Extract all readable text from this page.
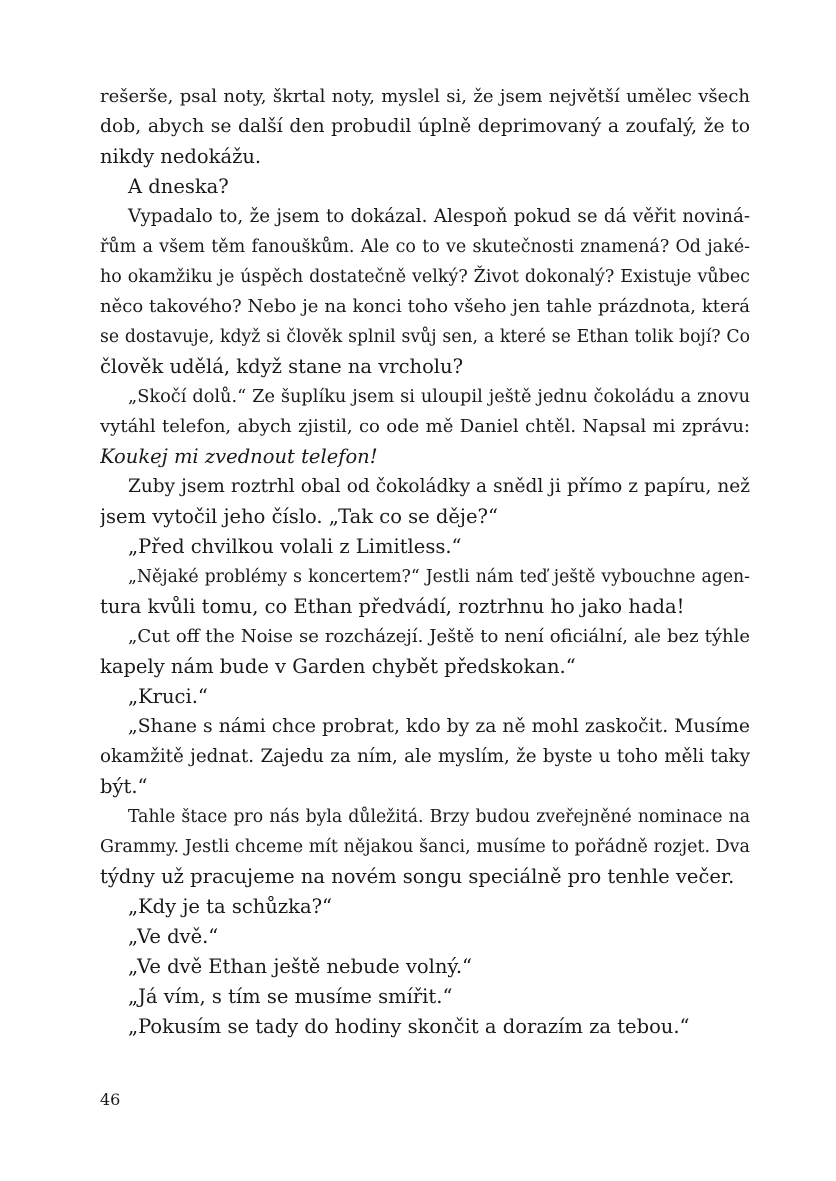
rešerše, psal noty, škrtal noty, myslel si, že jsem největší umělec všech
dob, abych se další den probudil úplně deprimovaný a zoufalý, že to
nikdy nedokážu.
A dneska?
Vypadalo to, že jsem to dokázal. Alespoň pokud se dá věřit noviná-
řům a všem těm fanouškům. Ale co to ve skutečnosti znamená? Od jaké-
ho okamžiku je úspěch dostatečně velký? Život dokonalý? Existuje vůbec
něco takového? Nebo je na konci toho všeho jen tahle prázdnota, která
se dostavuje, když si člověk splnil svůj sen, a které se Ethan tolik bojí? Co
člověk udělá, když stane na vrcholu?
„Skočí dolů.“ Ze šuplíku jsem si uloupil ještě jednu čokoládu a znovu
vytáhl telefon, abych zjistil, co ode mě Daniel chtěl. Napsal mi zprávu:
Koukej mi zvednout telefon!
Zuby jsem roztrhl obal od čokoládky a snědl ji přímo z papíru, než
jsem vytočil jeho číslo. „Tak co se děje?“
„Před chvilkou volali z Limitless.“
„Nějaké problémy s koncertem?“ Jestli nám teď ještě vybouchne agen-
tura kvůli tomu, co Ethan předvádí, roztrhnu ho jako hada!
„Cut off the Noise se rozcházejí. Ještě to není oficiální, ale bez týhle
kapely nám bude v Garden chybět předskokan.“
„Kruci.“
„Shane s námi chce probrat, kdo by za ně mohl zaskočit. Musíme
okamžitě jednat. Zajedu za ním, ale myslím, že byste u toho měli taky
být.“
Tahle štace pro nás byla důležitá. Brzy budou zveřejněné nominace na
Grammy. Jestli chceme mít nějakou šanci, musíme to pořádně rozjet. Dva
týdny už pracujeme na novém songu speciálně pro tenhle večer.
„Kdy je ta schůzka?“
„Ve dvě.“
„Ve dvě Ethan ještě nebude volný.“
„Já vím, s tím se musíme smířit.“
„Pokusím se tady do hodiny skončit a dorazím za tebou.“
46
